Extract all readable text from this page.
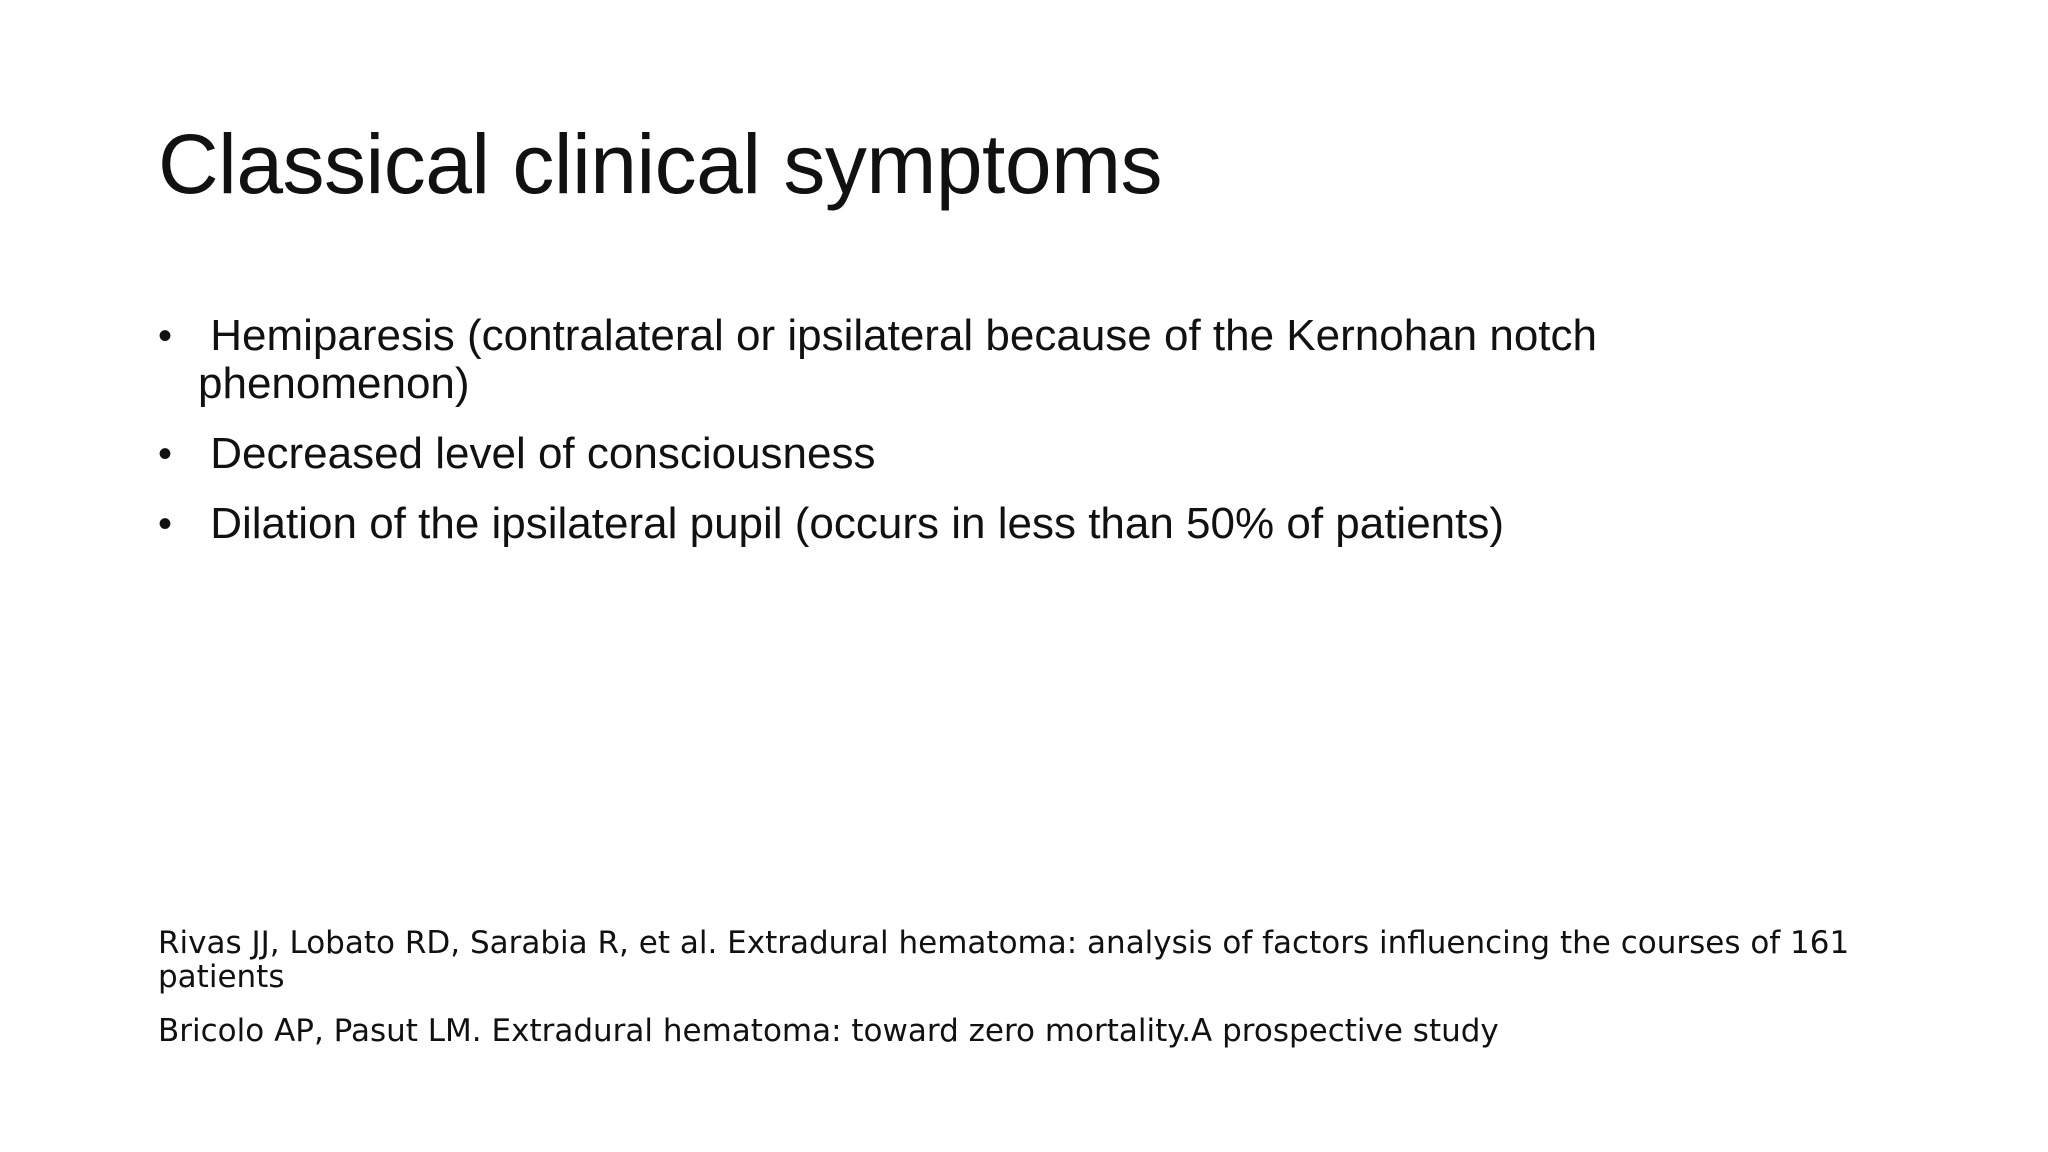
Classical clinical symptoms
• Hemiparesis (contralateral or ipsilateral because of the Kernohan notch
phenomenon)
• Decreased level of consciousness
• Dilation of the ipsilateral pupil (occurs in less than 50% of patients)

Rivas JJ, Lobato RD, Sarabia R, et al. Extradural hematoma: analysis of factors influencing the courses of 161 patients

Bricolo AP, Pasut LM. Extradural hematoma: toward zero mortality.A prospective study
